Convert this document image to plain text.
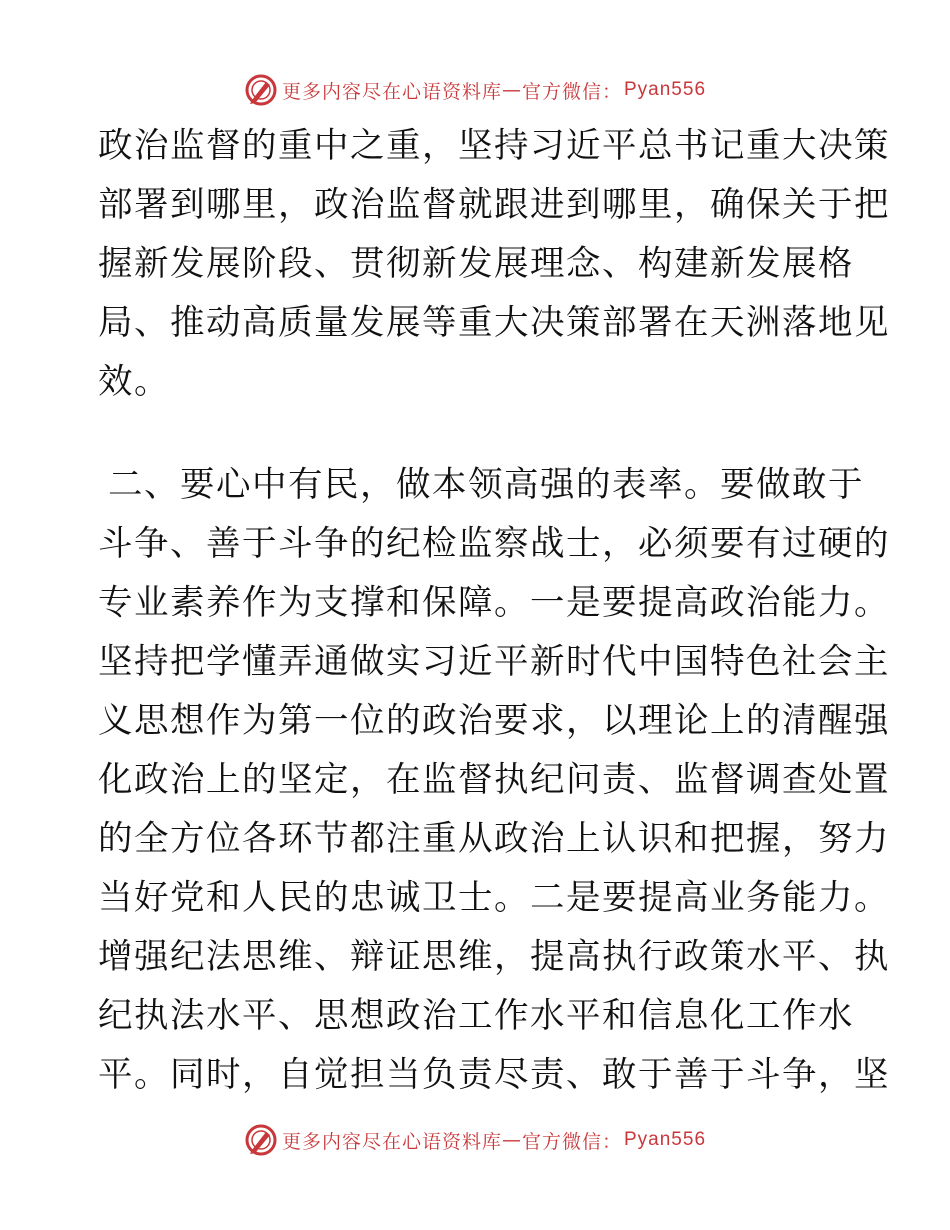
更多内容尽在心语资料库 — 官方微信： Pyan556
政治监督的重中之重，坚持习近平总书记重大决策
部署到哪里，政治监督就跟进到哪里，确保关于把
握新发展阶段、贯彻新发展理念、构建新发展格
局、推动高质量发展等重大决策部署在天洲落地见
效。
二、要心中有民，做本领高强的表率。要做敢于
斗争、善于斗争的纪检监察战士，必须要有过硬的
专业素养作为支撑和保障。一是要提高政治能力。
坚持把学懂弄通做实习近平新时代中国特色社会主
义思想作为第一位的政治要求，以理论上的清醒强
化政治上的坚定，在监督执纪问责、监督调查处置
的全方位各环节都注重从政治上认识和把握，努力
当好党和人民的忠诚卫士。二是要提高业务能力。
增强纪法思维、辩证思维，提高执行政策水平、执
纪执法水平、思想政治工作水平和信息化工作水
平。同时，自觉担当负责尽责、敢于善于斗争，坚
更多内容尽在心语资料库 — 官方微信： Pyan556
